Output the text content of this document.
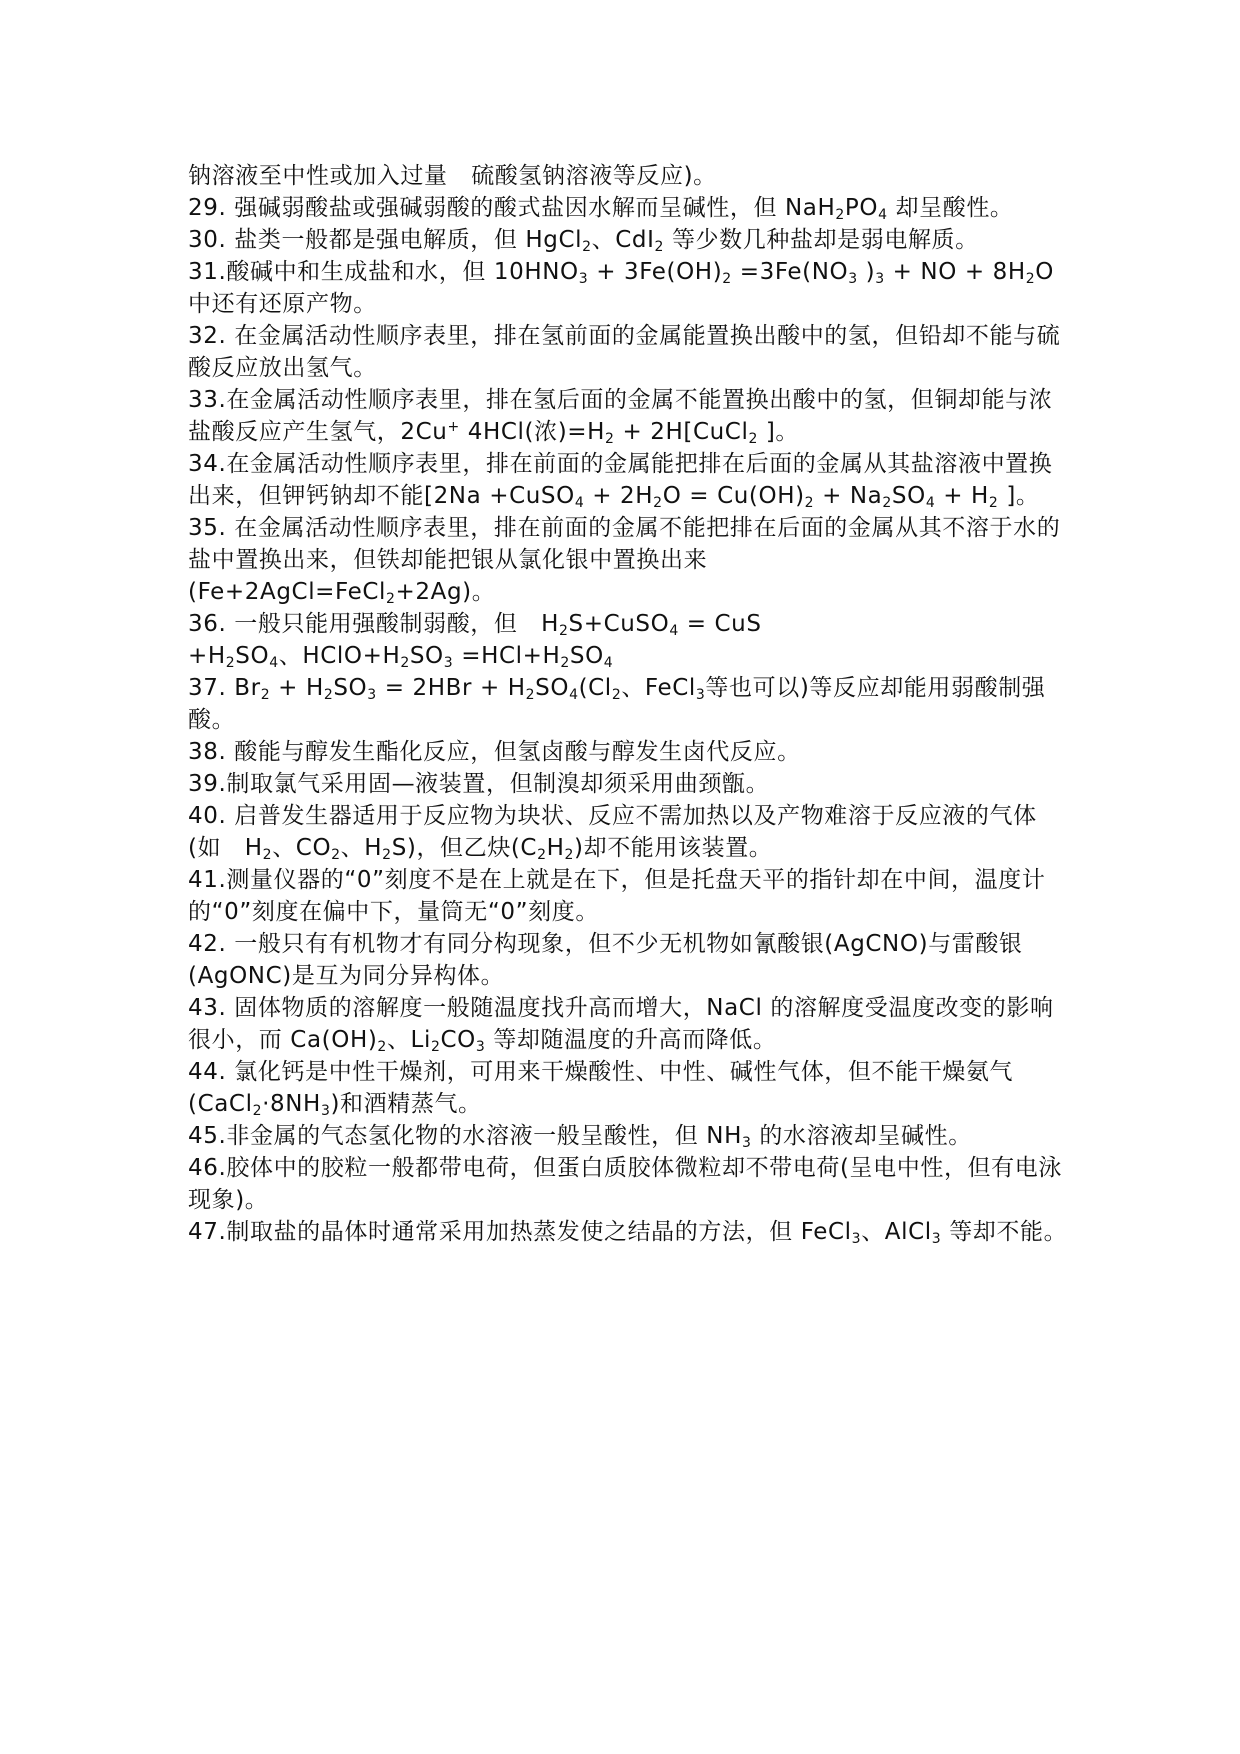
钠溶液至中性或加入过量　硫酸氢钠溶液等反应)。

29. 强碱弱酸盐或强碱弱酸的酸式盐因水解而呈碱性，但 $NaH_2PO_4$ 却呈酸性。

30. 盐类一般都是强电解质，但 HgCl$_2$、CdI$_2$ 等少数几种盐却是弱电解质。

31.酸碱中和生成盐和水，但 $10HNO_3 + 3Fe(OH)_2 =3Fe(NO_3$ )$_3$ + NO + $8H_2O$ 中还有还原产物。

32. 在金属活动性顺序表里，排在氢前面的金属能置换出酸中的氢，但铅却不能与硫酸反应放出氢气。

33.在金属活动性顺序表里，排在氢后面的金属不能置换出酸中的氢，但铜却能与浓盐酸反应产生氢气，2Cu+ 4HCl(浓)$=H_2$ + 2H[CuCl$_2$ ]。

34.在金属活动性顺序表里，排在前面的金属能把排在后面的金属从其盐溶液中置换出来，但钾钙钠却不能[2Na +CuSO$_4$ + $2H_2O = Cu(OH)_2 + Na_2SO_4 + H_2$ ]。

35. 在金属活动性顺序表里，排在前面的金属不能把排在后面的金属从其不溶于水的盐中置换出来，但铁却能把银从氯化银中置换出来
(Fe+2AgCl=FeCl$_2$+2Ag)。

36. 一般只能用强酸制弱酸，但　$H_2S+CuSO_4$ = CuS
$+H_2SO_4$、$HClO+H_2SO_3 =HCl+H_2SO_4$

37. $Br_2 + H_2SO_3 = 2HBr + H_2SO_4(Cl_2$、FeCl$_3$等也可以)等反应却能用弱酸制强酸。

38. 酸能与醇发生酯化反应，但氢卤酸与醇发生卤代反应。

39.制取氯气采用固—液装置，但制溴却须采用曲颈甑。

40. 启普发生器适用于反应物为块状、反应不需加热以及产物难溶于反应液的气体(如　$H_2$、$CO_2$、$H_2S$)，但乙炔$(C_2H_2)$却不能用该装置。

41.测量仪器的“0”刻度不是在上就是在下，但是托盘天平的指针却在中间，温度计的“0”刻度在偏中下，量筒无“0”刻度。

42. 一般只有有机物才有同分构现象，但不少无机物如氰酸银(AgCNO)与雷酸银　(AgONC)是互为同分异构体。

43. 固体物质的溶解度一般随温度找升高而增大，NaCl 的溶解度受温度改变的影响很小，而 $Ca(OH)_2$、$Li_2CO_3$ 等却随温度的升高而降低。

44. 氯化钙是中性干燥剂，可用来干燥酸性、中性、碱性气体，但不能干燥氨气$(CaCl_2\cdot 8NH_3)$和酒精蒸气。

45.非金属的气态氢化物的水溶液一般呈酸性，但 $NH_3$ 的水溶液却呈碱性。

46.胶体中的胶粒一般都带电荷，但蛋白质胶体微粒却不带电荷(呈电中性，但有电泳现象)。

47.制取盐的晶体时通常采用加热蒸发使之结晶的方法，但 FeCl$_3$、AlCl$_3$ 等却不能。
